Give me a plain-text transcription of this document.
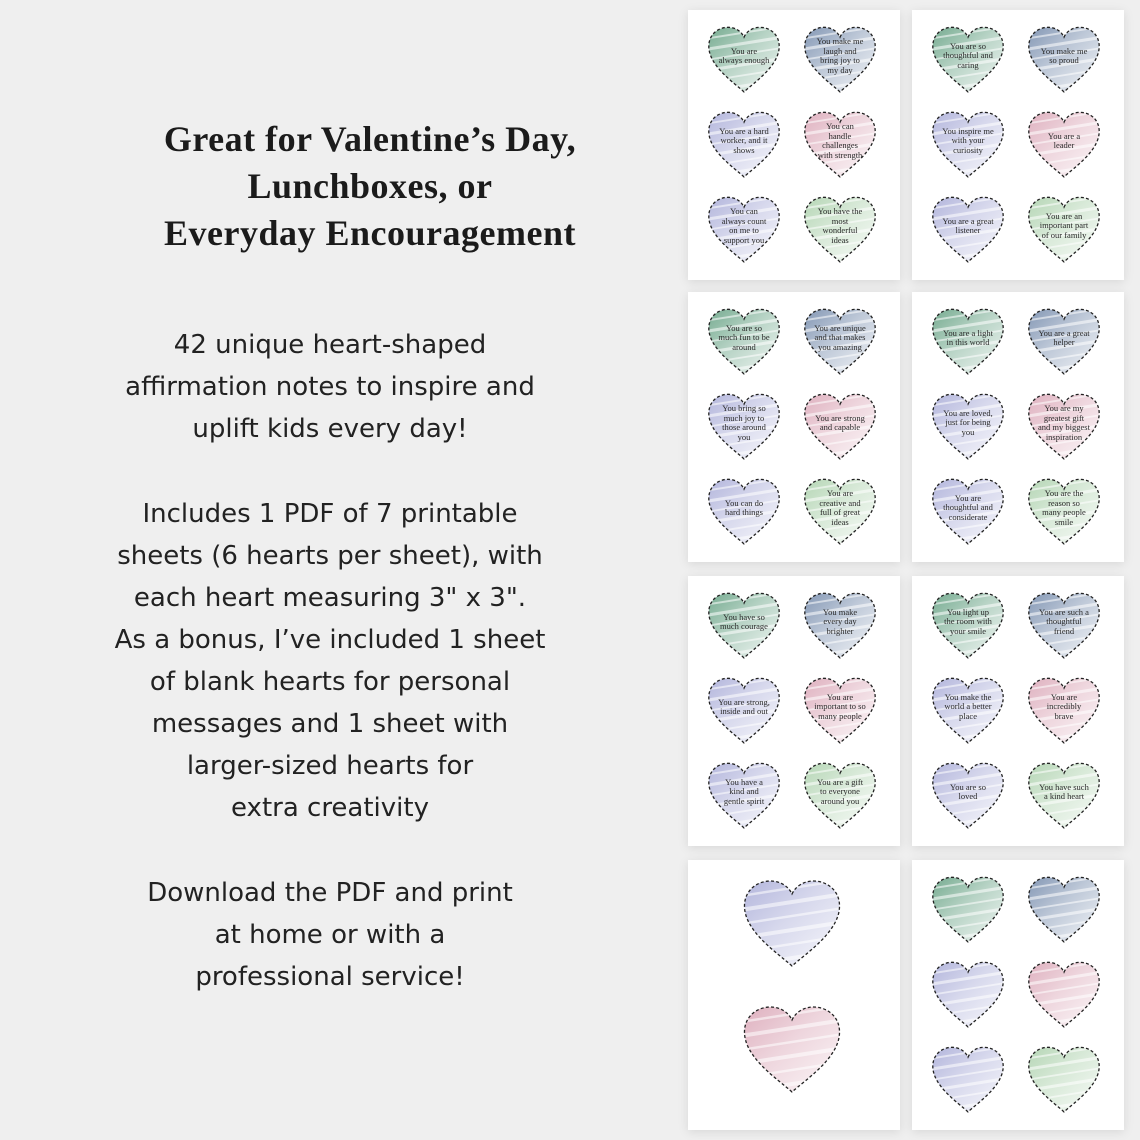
Great for Valentine’s Day,
Lunchboxes, or
Everyday Encouragement
42 unique heart-shaped
affirmation notes to inspire and
uplift kids every day!
Includes 1 PDF of 7 printable
sheets (6 hearts per sheet), with
each heart measuring 3" x 3".
As a bonus, I’ve included 1 sheet
of blank hearts for personal
messages and 1 sheet with
larger-sized hearts for
extra creativity
Download the PDF and print
at home or with a
professional service!
You are always enough
You make me laugh and bring joy to my day
You are a hard worker, and it shows
You can handle challenges with strength
You can always count on me to support you
You have the most wonderful ideas
You are so thoughtful and caring
You make me so proud
You inspire me with your curiosity
You are a leader
You are a great listener
You are an important part of our family
You are so much fun to be around
You are unique and that makes you amazing
You bring so much joy to those around you
You are strong and capable
You can do hard things
You are creative and full of great ideas
You are a light in this world
You are a great helper
You are loved, just for being you
You are my greatest gift and my biggest inspiration
You are thoughtful and considerate
You are the reason so many people smile
You have so much courage
You make every day brighter
You are strong, inside and out
You are important to so many people
You have a kind and gentle spirit
You are a gift to everyone around you
You light up the room with your smile
You are such a thoughtful friend
You make the world a better place
You are incredibly brave
You are so loved
You have such a kind heart
